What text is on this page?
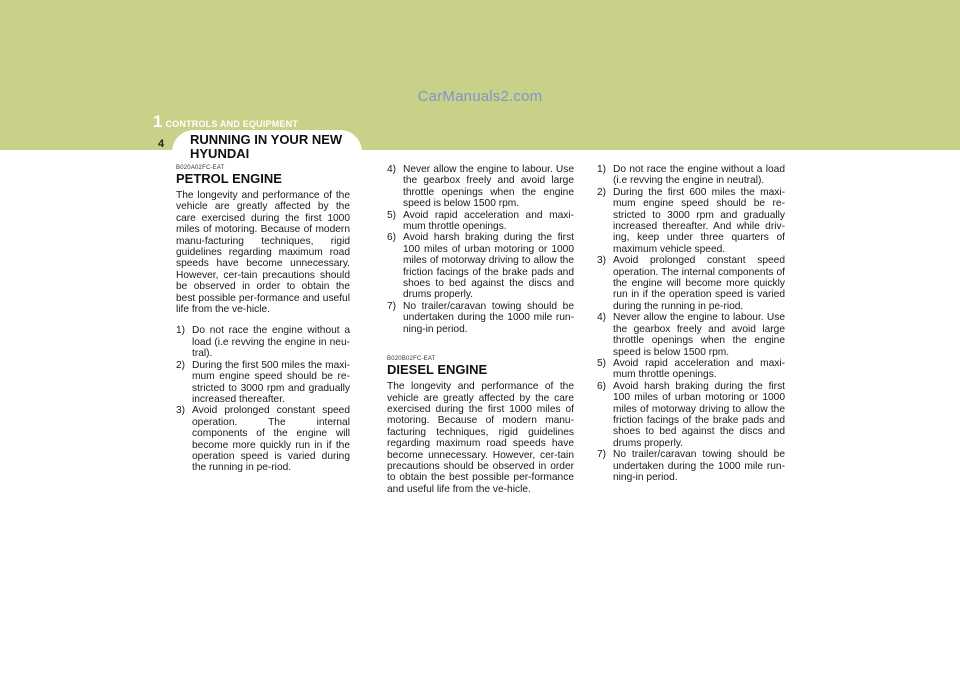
CarManuals2.com
1 CONTROLS AND EQUIPMENT
4	RUNNING IN YOUR NEW HYUNDAI
B020A02FC-EAT
PETROL ENGINE

The longevity and performance of the vehicle are greatly affected by the care exercised during the first 1000 miles of motoring. Because of modern manu-facturing techniques, rigid guidelines regarding maximum road speeds have become unnecessary. However, cer-tain precautions should be observed in order to obtain the best possible per-formance and useful life from the ve-hicle.

1) Do not race the engine without a load (i.e revving the engine in neu-tral).
2) During the first 500 miles the maxi-mum engine speed should be re-stricted to 3000 rpm and gradually increased thereafter.
3) Avoid prolonged constant speed operation. The internal components of the engine will become more quickly run in if the operation speed is varied during the running in pe-riod.
4) Never allow the engine to labour. Use the gearbox freely and avoid large throttle openings when the engine speed is below 1500 rpm.
5) Avoid rapid acceleration and maxi-mum throttle openings.
6) Avoid harsh braking during the first 100 miles of urban motoring or 1000 miles of motorway driving to allow the friction facings of the brake pads and shoes to bed against the discs and drums properly.
7) No trailer/caravan towing should be undertaken during the 1000 mile run-ning-in period.
B020B02FC-EAT
DIESEL ENGINE

The longevity and performance of the vehicle are greatly affected by the care exercised during the first 1000 miles of motoring. Because of modern manu-facturing techniques, rigid guidelines regarding maximum road speeds have become unnecessary. However, cer-tain precautions should be observed in order to obtain the best possible per-formance and useful life from the ve-hicle.

1) Do not race the engine without a load (i.e revving the engine in neutral).
2) During the first 600 miles the maxi-mum engine speed should be re-stricted to 3000 rpm and gradually increased thereafter. And while driv-ing, keep under three quarters of maximum vehicle speed.
3) Avoid prolonged constant speed operation. The internal components of the engine will become more quickly run in if the operation speed is varied during the running in pe-riod.
4) Never allow the engine to labour. Use the gearbox freely and avoid large throttle openings when the engine speed is below 1500 rpm.
5) Avoid rapid acceleration and maxi-mum throttle openings.
6) Avoid harsh braking during the first 100 miles of urban motoring or 1000 miles of motorway driving to allow the friction facings of the brake pads and shoes to bed against the discs and drums properly.
7) No trailer/caravan towing should be undertaken during the 1000 mile run-ning-in period.
